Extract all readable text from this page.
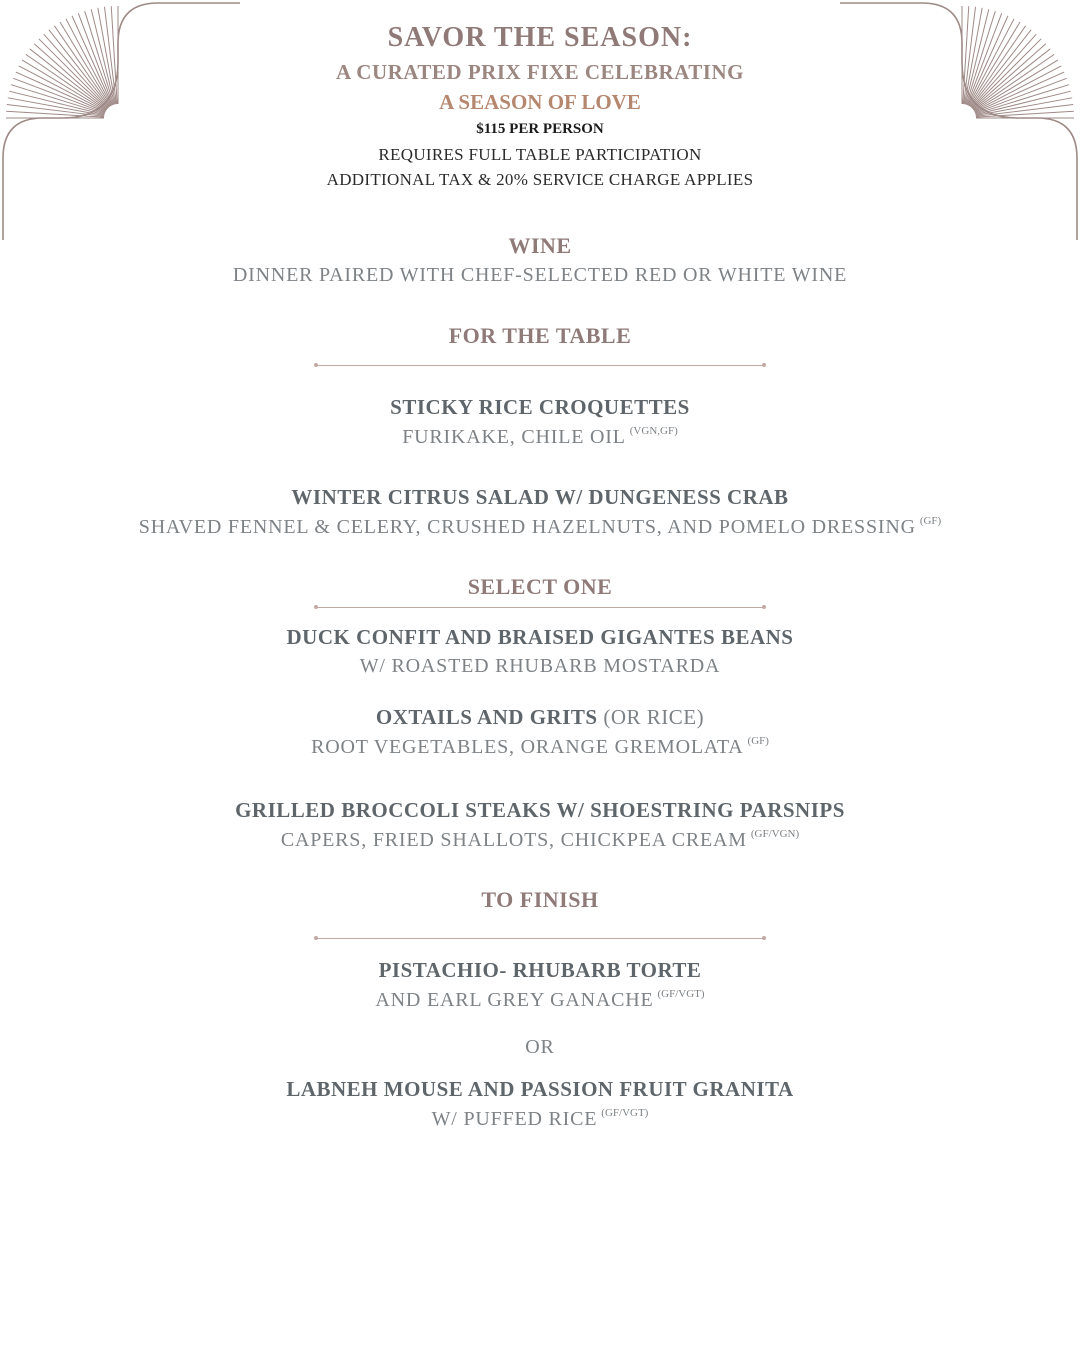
SAVOR THE SEASON:
A CURATED PRIX FIXE CELEBRATING
A SEASON OF LOVE
$115 PER PERSON
REQUIRES FULL TABLE PARTICIPATION
ADDITIONAL TAX & 20% SERVICE CHARGE APPLIES
WINE
DINNER PAIRED WITH CHEF-SELECTED RED OR WHITE WINE
FOR THE TABLE
STICKY RICE CROQUETTES
FURIKAKE, CHILE OIL $^{(VGN,GF)}$
WINTER CITRUS SALAD W/ DUNGENESS CRAB
SHAVED FENNEL & CELERY, CRUSHED HAZELNUTS, AND POMELO DRESSING $^{(GF)}$
SELECT ONE
DUCK CONFIT AND BRAISED GIGANTES BEANS
W/ ROASTED RHUBARB MOSTARDA
OXTAILS AND GRITS (OR RICE)
ROOT VEGETABLES, ORANGE GREMOLATA $^{(GF)}$
GRILLED BROCCOLI STEAKS W/ SHOESTRING PARSNIPS
CAPERS, FRIED SHALLOTS, CHICKPEA CREAM $^{(GF/VGN)}$
TO FINISH
PISTACHIO- RHUBARB TORTE
AND EARL GREY GANACHE $^{(GF/VGT)}$
OR
LABNEH MOUSE AND PASSION FRUIT GRANITA
W/ PUFFED RICE $^{(GF/VGT)}$
